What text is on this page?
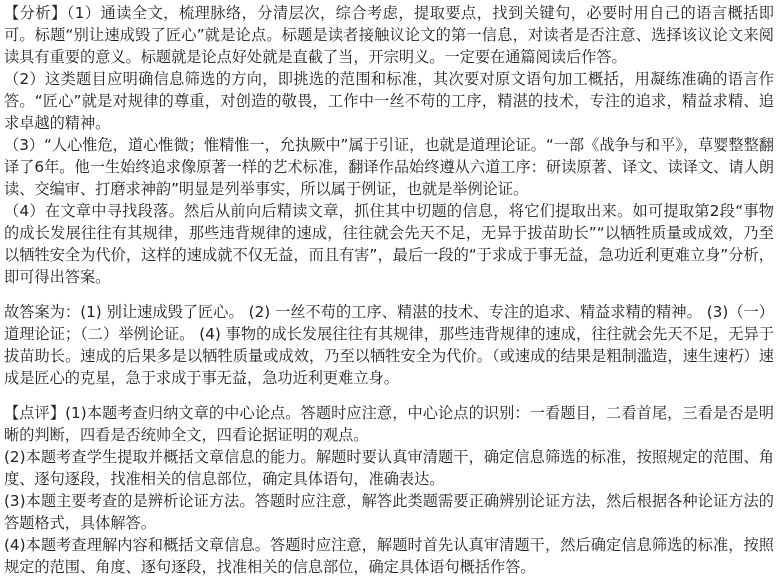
【分析】（1）通读全文，梳理脉络，分清层次，综合考虑，提取要点，找到关键句，必要时用自己的语言概括即可。标题“别让速成毁了匠心”就是论点。标题是读者接触议论文的第一信息，对读者是否注意、选择该议论文来阅读具有重要的意义。标题就是论点好处就是直截了当，开宗明义。一定要在通篇阅读后作答。

（2）这类题目应明确信息筛选的方向，即挑选的范围和标准，其次要对原文语句加工概括，用凝练准确的语言作答。“匠心”就是对规律的尊重，对创造的敬畏，工作中一丝不苟的工序，精湛的技术，专注的追求，精益求精、追求卓越的精神。

（3）“人心惟危，道心惟微；惟精惟一，允执厥中”属于引证，也就是道理论证。“一部《战争与和平》，草婴整整翻译了6年。他一生始终追求像原著一样的艺术标准，翻译作品始终遵从六道工序：研读原著、译文、读译文、请人朗读、交编审、打磨求神韵”明显是列举事实，所以属于例证，也就是举例论证。

（4）在文章中寻找段落。然后从前向后精读文章，抓住其中切题的信息，将它们提取出来。如可提取第2段“事物的成长发展往往有其规律，那些违背规律的速成，往往就会先天不足，无异于拔苗助长”“以牺牲质量或成效，乃至以牺牲安全为代价，这样的速成就不仅无益，而且有害”，最后一段的“于求成于事无益，急功近利更难立身”分析，即可得出答案。

故答案为：(1) 别让速成毁了匠心。 (2) 一丝不苟的工序、精湛的技术、专注的追求、精益求精的精神。 (3)（一）道理论证；（二）举例论证。 (4) 事物的成长发展往往有其规律，那些违背规律的速成，往往就会先天不足，无异于拔苗助长。速成的后果多是以牺牲质量或成效，乃至以牺牲安全为代价。（或速成的结果是粗制滥造，速生速朽）速成是匠心的克星，急于求成于事无益，急功近利更难立身。

【点评】(1)本题考查归纳文章的中心论点。答题时应注意，中心论点的识别：一看题目，二看首尾，三看是否是明晰的判断，四看是否统帅全文，四看论据证明的观点。

(2)本题考查学生提取并概括文章信息的能力。解题时要认真审清题干，确定信息筛选的标准，按照规定的范围、角度、逐句逐段，找准相关的信息部位，确定具体语句，准确表达。

(3)本题主要考查的是辨析论证方法。答题时应注意，解答此类题需要正确辨别论证方法，然后根据各种论证方法的答题格式，具体解答。

(4)本题考查理解内容和概括文章信息。答题时应注意，解题时首先认真审清题干，然后确定信息筛选的标准，按照规定的范围、角度、逐句逐段，找准相关的信息部位，确定具体语句概括作答。
